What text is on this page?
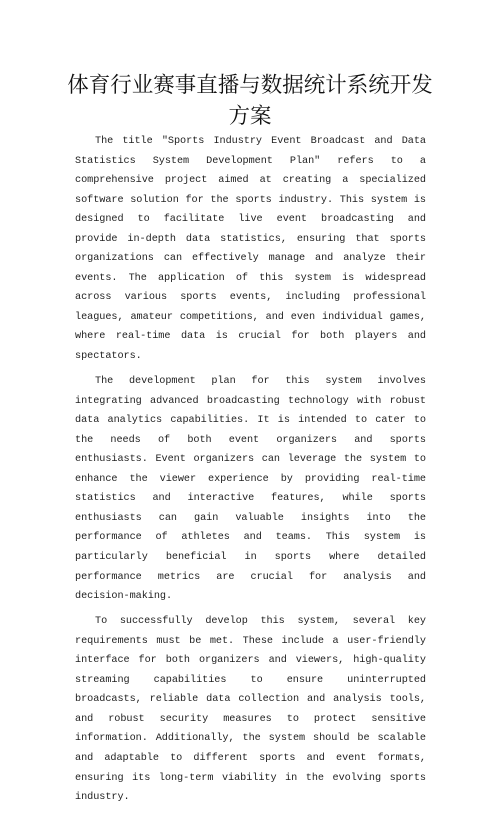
体育行业赛事直播与数据统计系统开发方案

The title "Sports Industry Event Broadcast and Data Statistics System Development Plan" refers to a comprehensive project aimed at creating a specialized software solution for the sports industry. This system is designed to facilitate live event broadcasting and provide in-depth data statistics, ensuring that sports organizations can effectively manage and analyze their events. The application of this system is widespread across various sports events, including professional leagues, amateur competitions, and even individual games, where real-time data is crucial for both players and spectators.

The development plan for this system involves integrating advanced broadcasting technology with robust data analytics capabilities. It is intended to cater to the needs of both event organizers and sports enthusiasts. Event organizers can leverage the system to enhance the viewer experience by providing real-time statistics and interactive features, while sports enthusiasts can gain valuable insights into the performance of athletes and teams. This system is particularly beneficial in sports where detailed performance metrics are crucial for analysis and decision-making.

To successfully develop this system, several key requirements must be met. These include a user-friendly interface for both organizers and viewers, high-quality streaming capabilities to ensure uninterrupted broadcasts, reliable data collection and analysis tools, and robust security measures to protect sensitive information. Additionally, the system should be scalable and adaptable to different sports and event formats, ensuring its long-term viability in the evolving sports industry.
